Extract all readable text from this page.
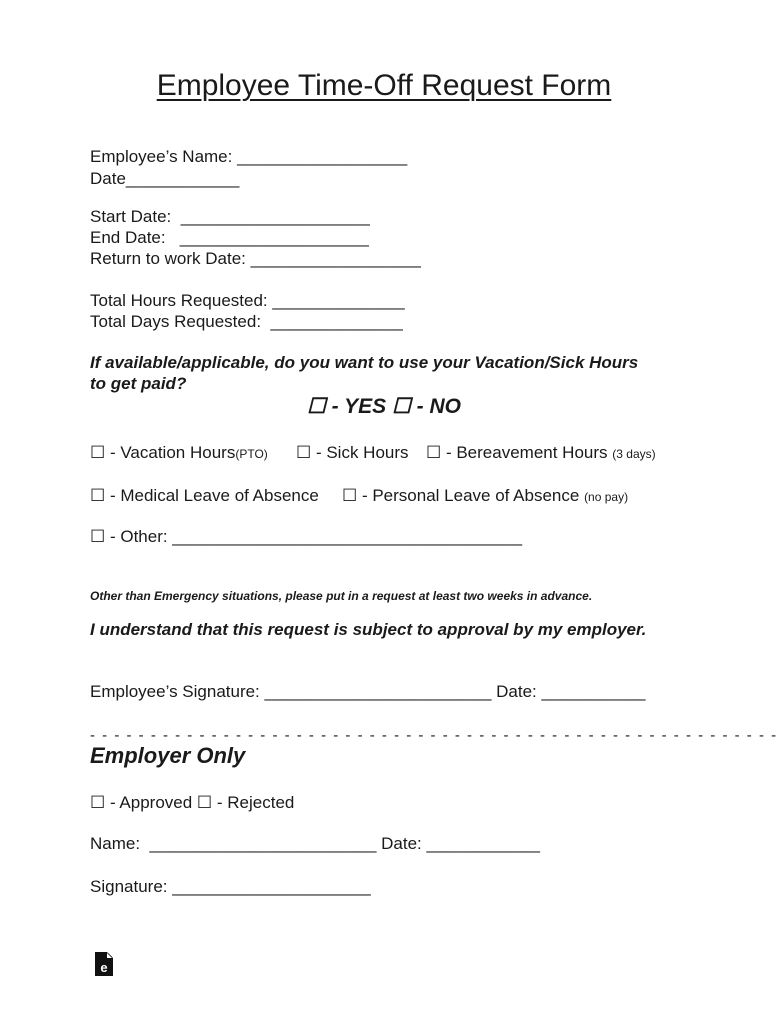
Employee Time-Off Request Form
Employee’s Name: __________________
Date____________
Start Date:  ____________________
End Date:   ____________________
Return to work Date: __________________
Total Hours Requested: ______________
Total Days Requested:  ______________
If available/applicable, do you want to use your Vacation/Sick Hours
to get paid?
☐ - YES ☐ - NO
☐ - Vacation Hours(PTO) ☐ - Sick Hours ☐ - Bereavement Hours (3 days)
☐ - Medical Leave of Absence ☐ - Personal Leave of Absence (no pay)
☐ - Other: _____________________________________
Other than Emergency situations, please put in a request at least two weeks in advance.
I understand that this request is subject to approval by my employer.
Employee’s Signature: ________________________ Date: ___________
- - - - - - - - - - - - - - - - - - - - - - - - - - - - - - - - - - - - - - - - - - - - - - - - - - - - - - - - -
Employer Only
☐ - Approved ☐ - Rejected
Name:  ________________________ Date: ____________
Signature: _____________________
e
